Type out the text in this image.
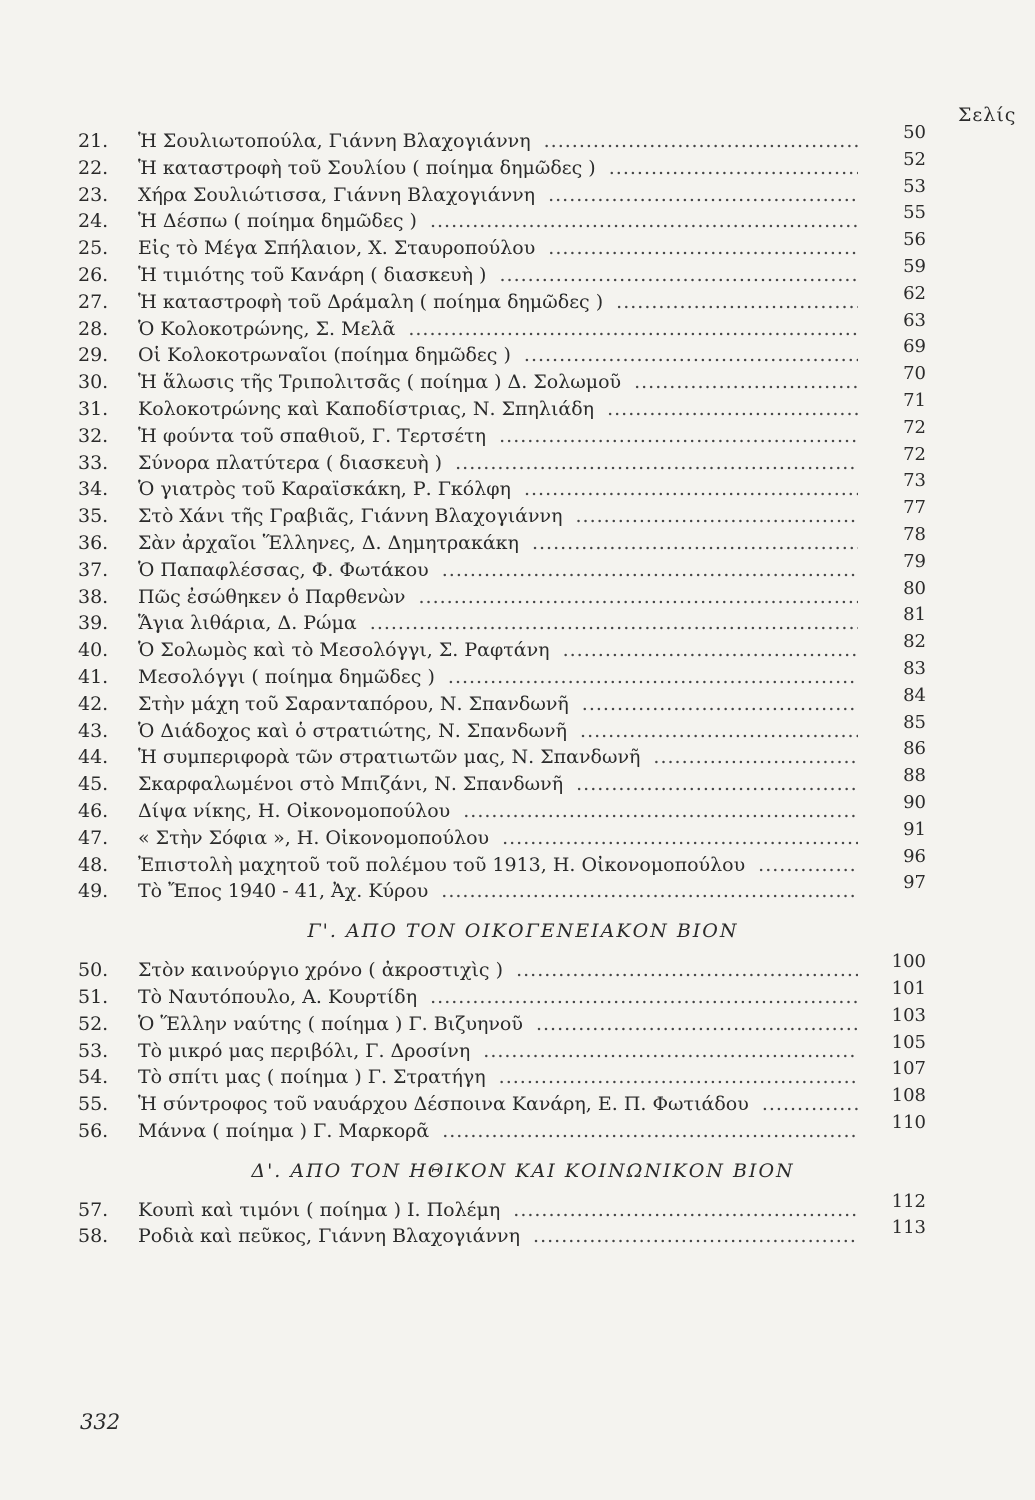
Σελίς
21.	Ἡ Σουλιωτοπούλα, Γιάννη Βλαχογιάννη .....	50
22.	Ἡ καταστροφὴ τοῦ Σουλίου ( ποίημα δημῶδες ) .....	52
23.	Χήρα Σουλιώτισσα, Γιάννη Βλαχογιάννη .....	53
24.	Ἡ Δέσπω ( ποίημα δημῶδες ) .....	55
25.	Εἰς τὸ Μέγα Σπήλαιον, Χ. Σταυροπούλου .....	56
26.	Ἡ τιμιότης τοῦ Κανάρη ( διασκευὴ ) .....	59
27.	Ἡ καταστροφὴ τοῦ Δράμαλη ( ποίημα δημῶδες ) .....	62
28.	Ὁ Κολοκοτρώνης, Σ. Μελᾶ .....	63
29.	Οἱ Κολοκοτρωναῖοι (ποίημα δημῶδες ) .....	69
30.	Ἡ ἅλωσις τῆς Τριπολιτσᾶς ( ποίημα ) Δ. Σολωμοῦ .....	70
31.	Κολοκοτρώνης καὶ Καποδίστριας, Ν. Σπηλιάδη .....	71
32.	Ἡ φούντα τοῦ σπαθιοῦ, Γ. Τερτσέτη .....	72
33.	Σύνορα πλατύτερα ( διασκευὴ ) .....	72
34.	Ὁ γιατρὸς τοῦ Καραϊσκάκη, Ρ. Γκόλφη .....	73
35.	Στὸ Χάνι τῆς Γραβιᾶς, Γιάννη Βλαχογιάννη .....	77
36.	Σὰν ἀρχαῖοι Ἕλληνες, Δ. Δημητρακάκη .....	78
37.	Ὁ Παπαφλέσσας, Φ. Φωτάκου .....	79
38.	Πῶς ἐσώθηκεν ὁ Παρθενὼν .....	80
39.	Ἅγια λιθάρια, Δ. Ρώμα .....	81
40.	Ὁ Σολωμὸς καὶ τὸ Μεσολόγγι, Σ. Ραφτάνη .....	82
41.	Μεσολόγγι ( ποίημα δημῶδες ) .....	83
42.	Στὴν μάχη τοῦ Σαρανταπόρου, Ν. Σπανδωνῆ .....	84
43.	Ὁ Διάδοχος καὶ ὁ στρατιώτης, Ν. Σπανδωνῆ .....	85
44.	Ἡ συμπεριφορὰ τῶν στρατιωτῶν μας, Ν. Σπανδωνῆ .....	86
45.	Σκαρφαλωμένοι στὸ Μπιζάνι, Ν. Σπανδωνῆ .....	88
46.	Δίψα νίκης, Η. Οἰκονομοπούλου .....	90
47.	« Στὴν Σόφια », Η. Οἰκονομοπούλου .....	91
48.	Ἐπιστολὴ μαχητοῦ τοῦ πολέμου τοῦ 1913, Η. Οἰκονομοπούλου .....	96
49.	Τὸ Ἔπος 1940 - 41, Ἀχ. Κύρου .....	97
Γ'. ΑΠΟ ΤΟΝ ΟΙΚΟΓΕΝΕΙΑΚΟΝ ΒΙΟΝ
50.	Στὸν καινούργιο χρόνο ( ἀκροστιχὶς ) .....	100
51.	Τὸ Ναυτόπουλο, Α. Κουρτίδη .....	101
52.	Ὁ Ἕλλην ναύτης ( ποίημα ) Γ. Βιζυηνοῦ .....	103
53.	Τὸ μικρό μας περιβόλι, Γ. Δροσίνη .....	105
54.	Τὸ σπίτι μας ( ποίημα ) Γ. Στρατήγη .....	107
55.	Ἡ σύντροφος τοῦ ναυάρχου Δέσποινα Κανάρη, Ε. Π. Φωτιάδου .....	108
56.	Μάννα ( ποίημα ) Γ. Μαρκορᾶ .....	110
Δ'. ΑΠΟ ΤΟΝ ΗΘΙΚΟΝ ΚΑΙ ΚΟΙΝΩΝΙΚΟΝ ΒΙΟΝ
57.	Κουπὶ καὶ τιμόνι ( ποίημα ) Ι. Πολέμη .....	112
58.	Ροδιὰ καὶ πεῦκος, Γιάννη Βλαχογιάννη .....	113
332
